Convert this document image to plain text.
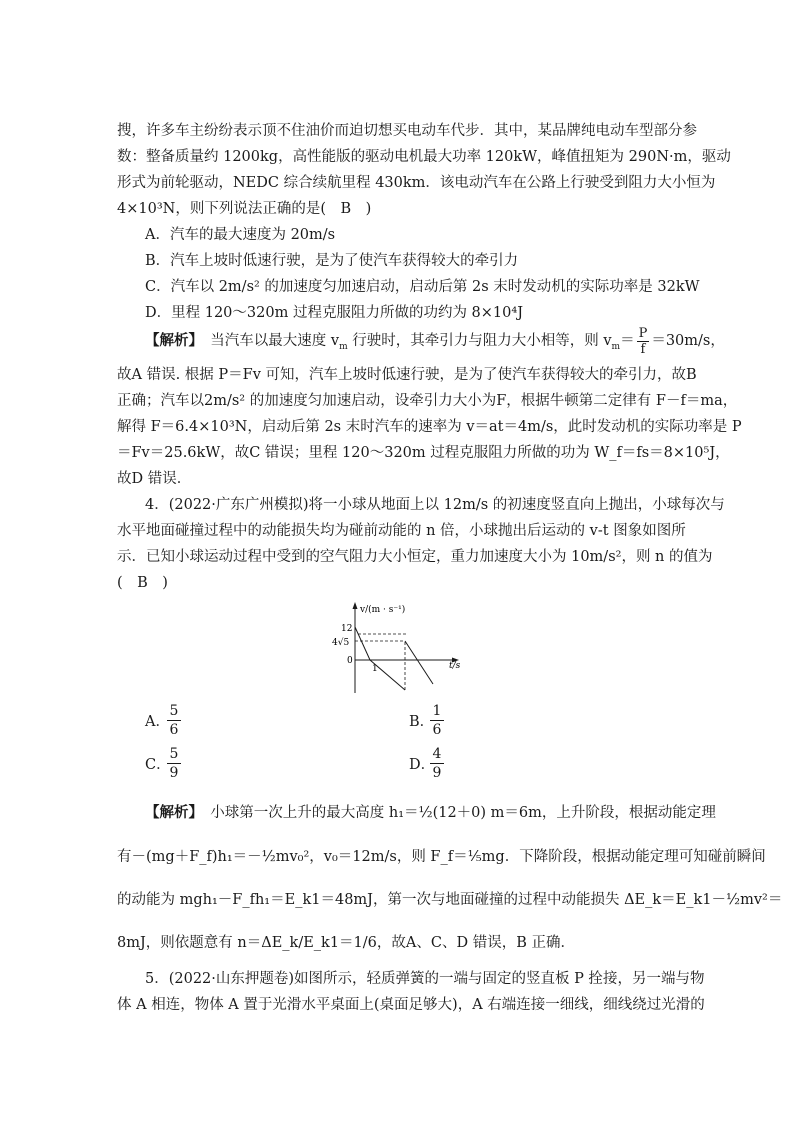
搜，许多车主纷纷表示顶不住油价而迫切想买电动车代步．其中，某品牌纯电动车型部分参
数：整备质量约 1200kg，高性能版的驱动电机最大功率 120kW，峰值扭矩为 290N·m，驱动
形式为前轮驱动，NEDC 综合续航里程 430km．该电动汽车在公路上行驶受到阻力大小恒为
4×10³N，则下列说法正确的是(　B　)
A．汽车的最大速度为 20m/s
B．汽车上坡时低速行驶，是为了使汽车获得较大的牵引力
C．汽车以 2m/s² 的加速度匀加速启动，启动后第 2s 末时发动机的实际功率是 32kW
D．里程 120～320m 过程克服阻力所做的功约为 8×10⁴J
【解析】　当汽车以最大速度 $v_m$ 行驶时，其牵引力与阻力大小相等，则 $v_m= \frac{P}{f} =30m/s$，
故A 错误. 根据 P＝Fv 可知，汽车上坡时低速行驶，是为了使汽车获得较大的牵引力，故B
正确；汽车以2m/s² 的加速度匀加速启动，设牵引力大小为F，根据牛顿第二定律有 F－f＝ma，
解得 F＝6.4×10³N，启动后第 2s 末时汽车的速率为 v＝at＝4m/s，此时发动机的实际功率是 P
＝Fv＝25.6kW，故C 错误；里程 120～320m 过程克服阻力所做的功为 W_f＝fs＝8×10⁵J，
故D 错误．
4．(2022·广东广州模拟)将一小球从地面上以 12m/s 的初速度竖直向上抛出，小球每次与
水平地面碰撞过程中的动能损失均为碰前动能的 n 倍，小球抛出后运动的 v-t 图象如图所
示．已知小球运动过程中受到的空气阻力大小恒定，重力加速度大小为 10m/s²，则 n 的值为
(　B　)
v/(m · s⁻¹)
t/s
12
4√5
0
1
A．
$\frac{5}{6}$	B．
$\frac{1}{6}$
C．
$\frac{5}{9}$	D．
$\frac{4}{9}$
【解析】　小球第一次上升的最大高度 h₁＝½(12＋0) m＝6m，上升阶段，根据动能定理
有－(mg＋F_f)h₁＝－½mv₀²，v₀＝12m/s，则 F_f＝⅕mg．下降阶段，根据动能定理可知碰前瞬间
的动能为 mgh₁－F_fh₁＝E_k1＝48mJ，第一次与地面碰撞的过程中动能损失 ΔE_k＝E_k1－½mv²＝
8mJ，则依题意有 n＝ΔE_k/E_k1＝1/6，故A、C、D 错误，B 正确．
5．(2022·山东押题卷)如图所示，轻质弹簧的一端与固定的竖直板 P 拴接，另一端与物
体 A 相连，物体 A 置于光滑水平桌面上(桌面足够大)，A 右端连接一细线，细线绕过光滑的
